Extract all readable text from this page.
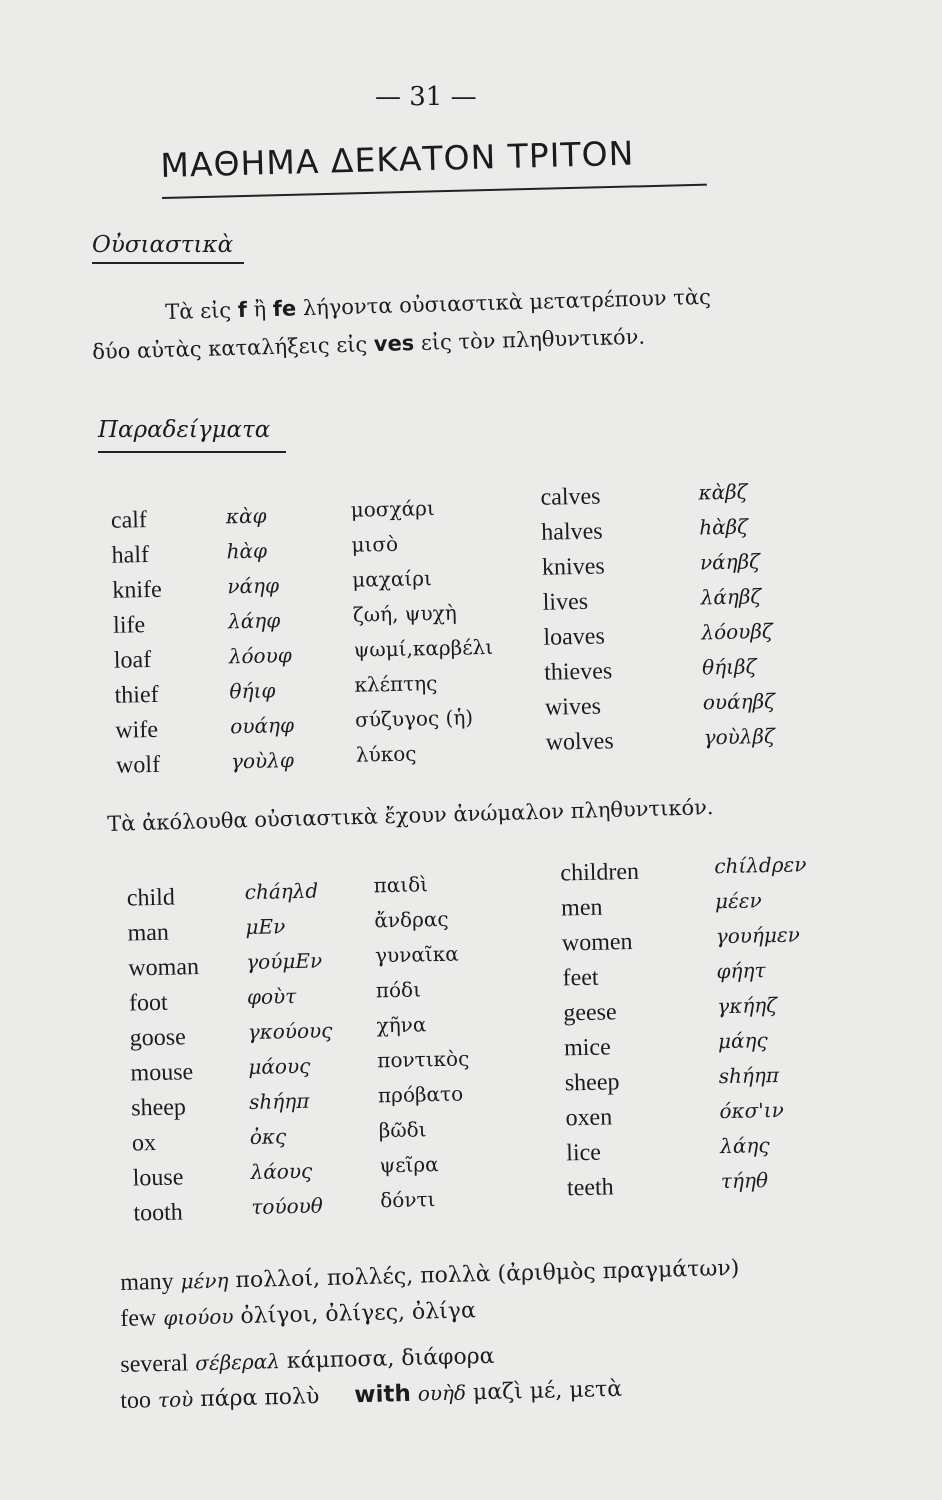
— 31 —
ΜΑΘΗΜΑ ΔΕΚΑΤΟΝ ΤΡΙΤΟΝ
Οὐσιαστικὰ
Τὰ εἰς f ἢ fe λήγοντα οὐσιαστικὰ μετατρέπουν τὰς
δύο αὐτὰς καταλήξεις εἰς ves εἰς τὸν πληθυντικόν.
Παραδείγματα
calf
half
knife
life
loaf
thief
wife
wolf
κὰφ
hὰφ
νάηφ
λάηφ
λόουφ
θήιφ
ουάηφ
γοὺλφ
μοσχάρι
μισὸ
μαχαίρι
ζωή, ψυχὴ
ψωμί,καρβέλι
κλέπτης
σύζυγος (ἡ)
λύκος
calves
halves
knives
lives
loaves
thieves
wives
wolves
κὰβζ
hὰβζ
νάηβζ
λάηβζ
λόουβζ
θήιβζ
ουάηβζ
γοὺλβζ
Τὰ ἀκόλουθα οὐσιαστικὰ ἔχουν ἀνώμαλον πληθυντικόν.
child
man
woman
foot
goose
mouse
sheep
ox
louse
tooth
cháηλd
μΕν
γούμΕν
φοὺτ
γκούους
μάους
shήηπ
ὀκς
λάους
τούουθ
παιδὶ
ἄνδρας
γυναῖκα
πόδι
χῆνα
ποντικὸς
πρόβατο
βῶδι
ψεῖρα
δόντι
children
men
women
feet
geese
mice
sheep
oxen
lice
teeth
chίλdρεν
μέεν
γουήμεν
φήητ
γκήηζ
μάης
shήηπ
όκσ'ιν
λάης
τήηθ
many μένη πολλοί, πολλές, πολλὰ (ἀριθμὸς πραγμάτων)
few φιούου ὀλίγοι, ὀλίγες, ὀλίγα
several σέβεραλ κάμποσα, διάφορα
too τοὺ πάρα πολὺ with ουὴδ μαζὶ μέ, μετὰ
